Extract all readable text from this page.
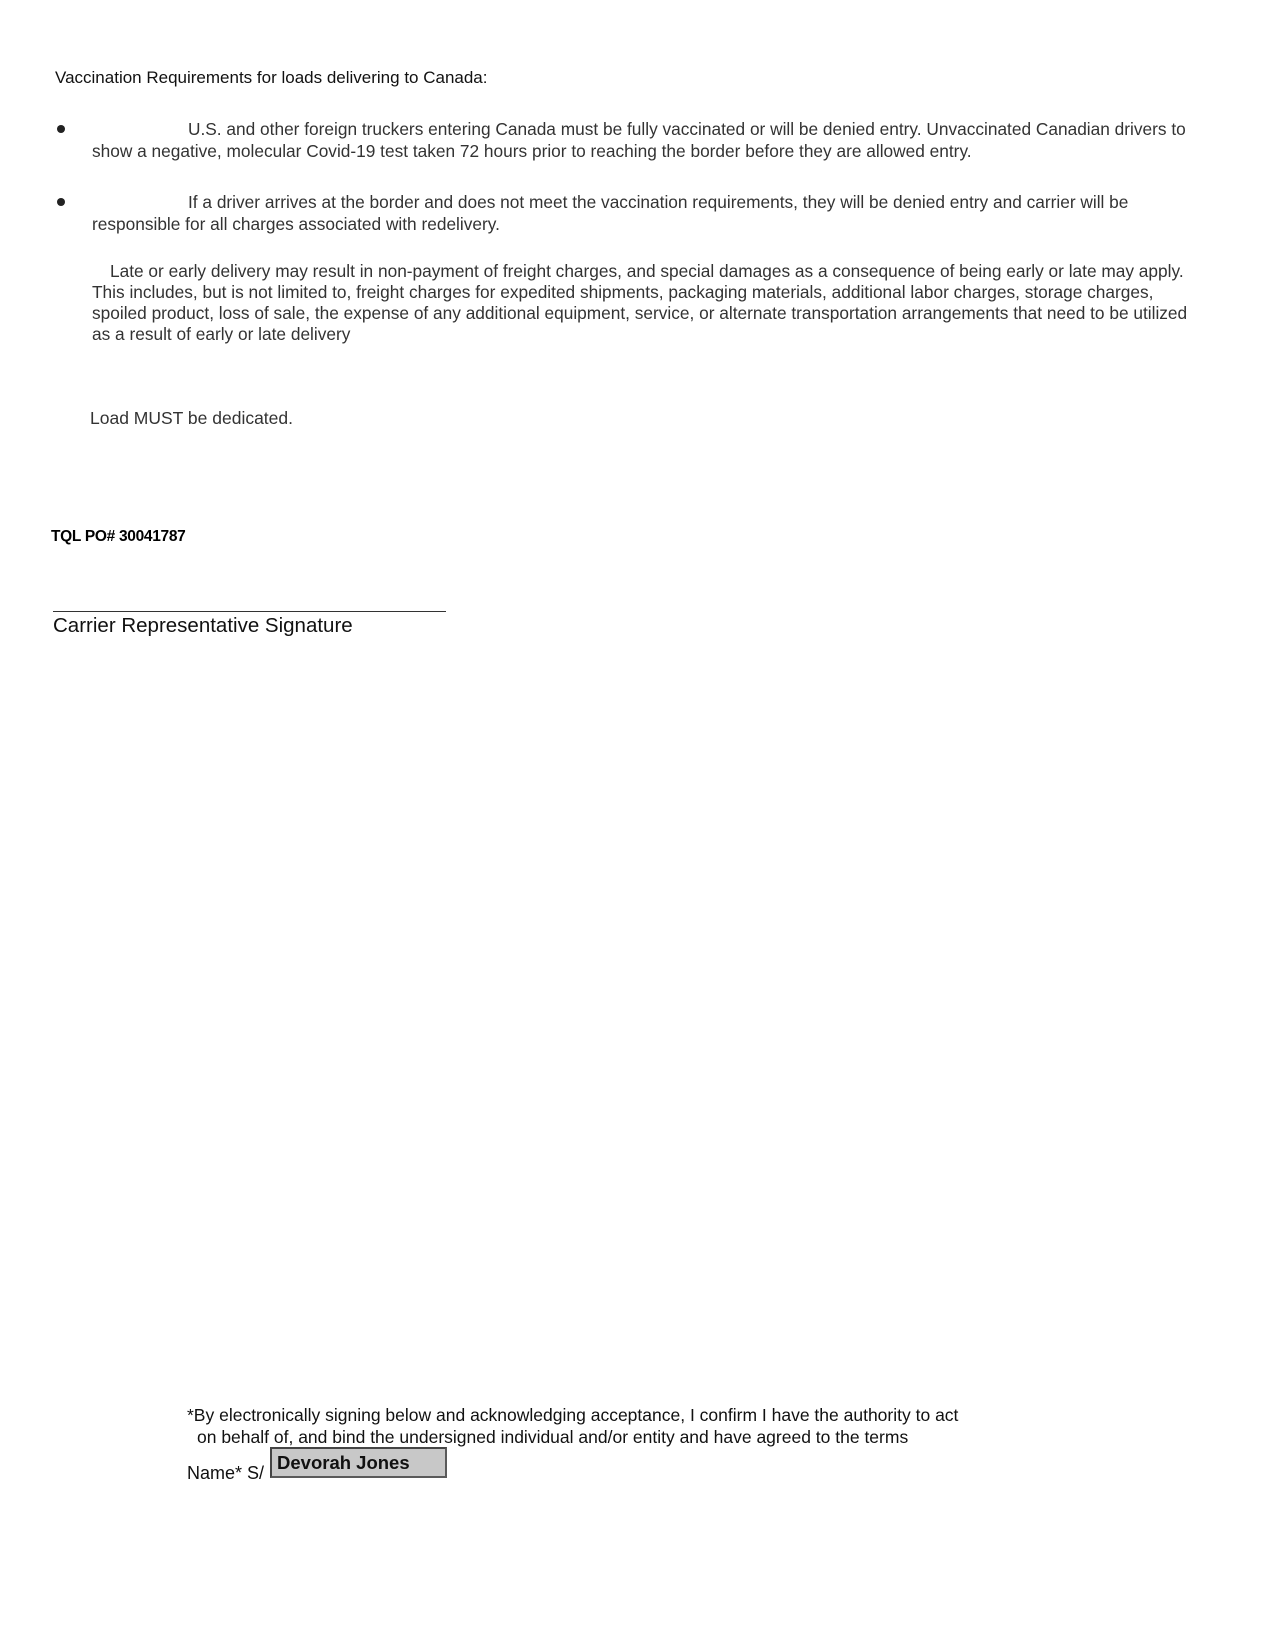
Vaccination Requirements for loads delivering to Canada:
U.S. and other foreign truckers entering Canada must be fully vaccinated or will be denied entry. Unvaccinated Canadian drivers to show a negative, molecular Covid-19 test taken 72 hours prior to reaching the border before they are allowed entry.
If a driver arrives at the border and does not meet the vaccination requirements, they will be denied entry and carrier will be responsible for all charges associated with redelivery.
Late or early delivery may result in non-payment of freight charges, and special damages as a consequence of being early or late may apply. This includes, but is not limited to, freight charges for expedited shipments, packaging materials, additional labor charges, storage charges, spoiled product, loss of sale, the expense of any additional equipment, service, or alternate transportation arrangements that need to be utilized as a result of early or late delivery
Load MUST be dedicated.
TQL PO# 30041787
Carrier Representative Signature
*By electronically signing below and acknowledging acceptance, I confirm I have the authority to act
on behalf of, and bind the undersigned individual and/or entity and have agreed to the terms
Name* S/ Devorah Jones
